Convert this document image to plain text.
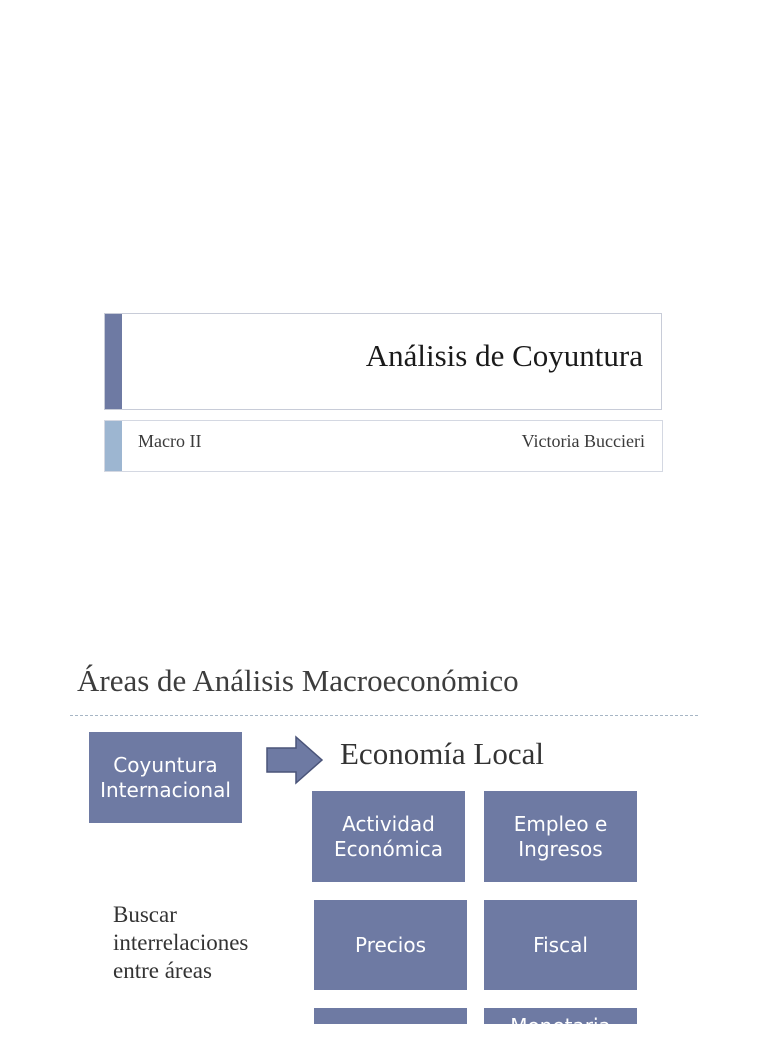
Análisis de Coyuntura
Macro II	Victoria Buccieri
Áreas de Análisis Macroeconómico
Coyuntura
Internacional
Economía Local
Actividad
Económica
Empleo e
Ingresos
Precios	Fiscal
Monetaria
Buscar
interrelaciones
entre áreas
